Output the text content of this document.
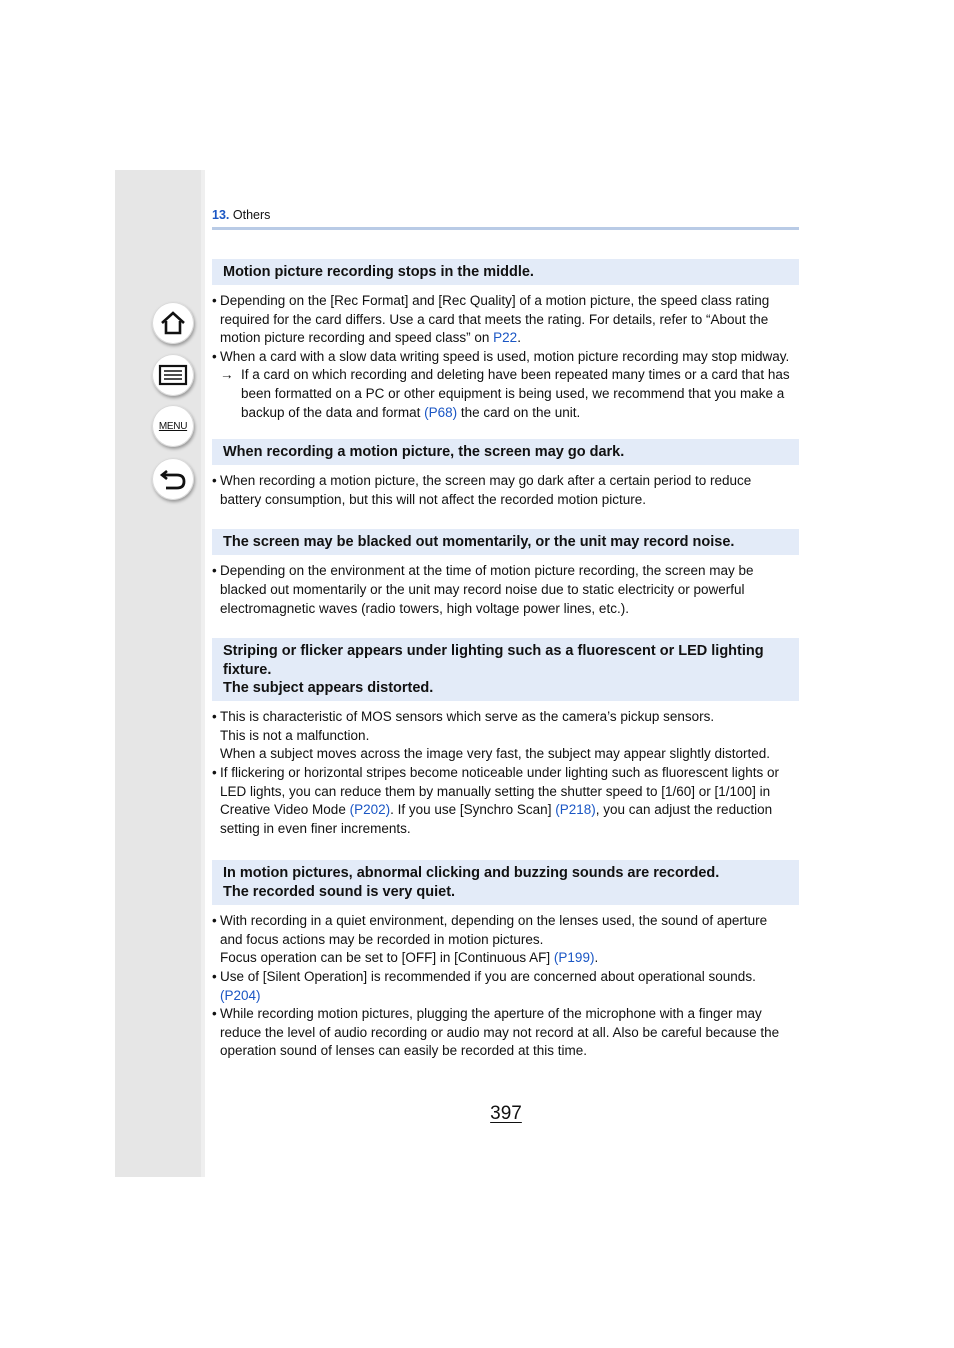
MENU
13. Others
Motion picture recording stops in the middle.
• Depending on the [Rec Format] and [Rec Quality] of a motion picture, the speed class rating
required for the card differs. Use a card that meets the rating. For details, refer to “About the
motion picture recording and speed class” on P22.
• When a card with a slow data writing speed is used, motion picture recording may stop midway.
→ If a card on which recording and deleting have been repeated many times or a card that has
been formatted on a PC or other equipment is being used, we recommend that you make a
backup of the data and format (P68) the card on the unit.
When recording a motion picture, the screen may go dark.
• When recording a motion picture, the screen may go dark after a certain period to reduce
battery consumption, but this will not affect the recorded motion picture.
The screen may be blacked out momentarily, or the unit may record noise.
• Depending on the environment at the time of motion picture recording, the screen may be
blacked out momentarily or the unit may record noise due to static electricity or powerful
electromagnetic waves (radio towers, high voltage power lines, etc.).
Striping or flicker appears under lighting such as a fluorescent or LED lighting
fixture.
The subject appears distorted.
• This is characteristic of MOS sensors which serve as the camera’s pickup sensors.
This is not a malfunction.
When a subject moves across the image very fast, the subject may appear slightly distorted.
• If flickering or horizontal stripes become noticeable under lighting such as fluorescent lights or
LED lights, you can reduce them by manually setting the shutter speed to [1/60] or [1/100] in
Creative Video Mode (P202). If you use [Synchro Scan] (P218), you can adjust the reduction
setting in even finer increments.
In motion pictures, abnormal clicking and buzzing sounds are recorded.
The recorded sound is very quiet.
• With recording in a quiet environment, depending on the lenses used, the sound of aperture
and focus actions may be recorded in motion pictures.
Focus operation can be set to [OFF] in [Continuous AF] (P199).
• Use of [Silent Operation] is recommended if you are concerned about operational sounds.
(P204)
• While recording motion pictures, plugging the aperture of the microphone with a finger may
reduce the level of audio recording or audio may not record at all. Also be careful because the
operation sound of lenses can easily be recorded at this time.
397
